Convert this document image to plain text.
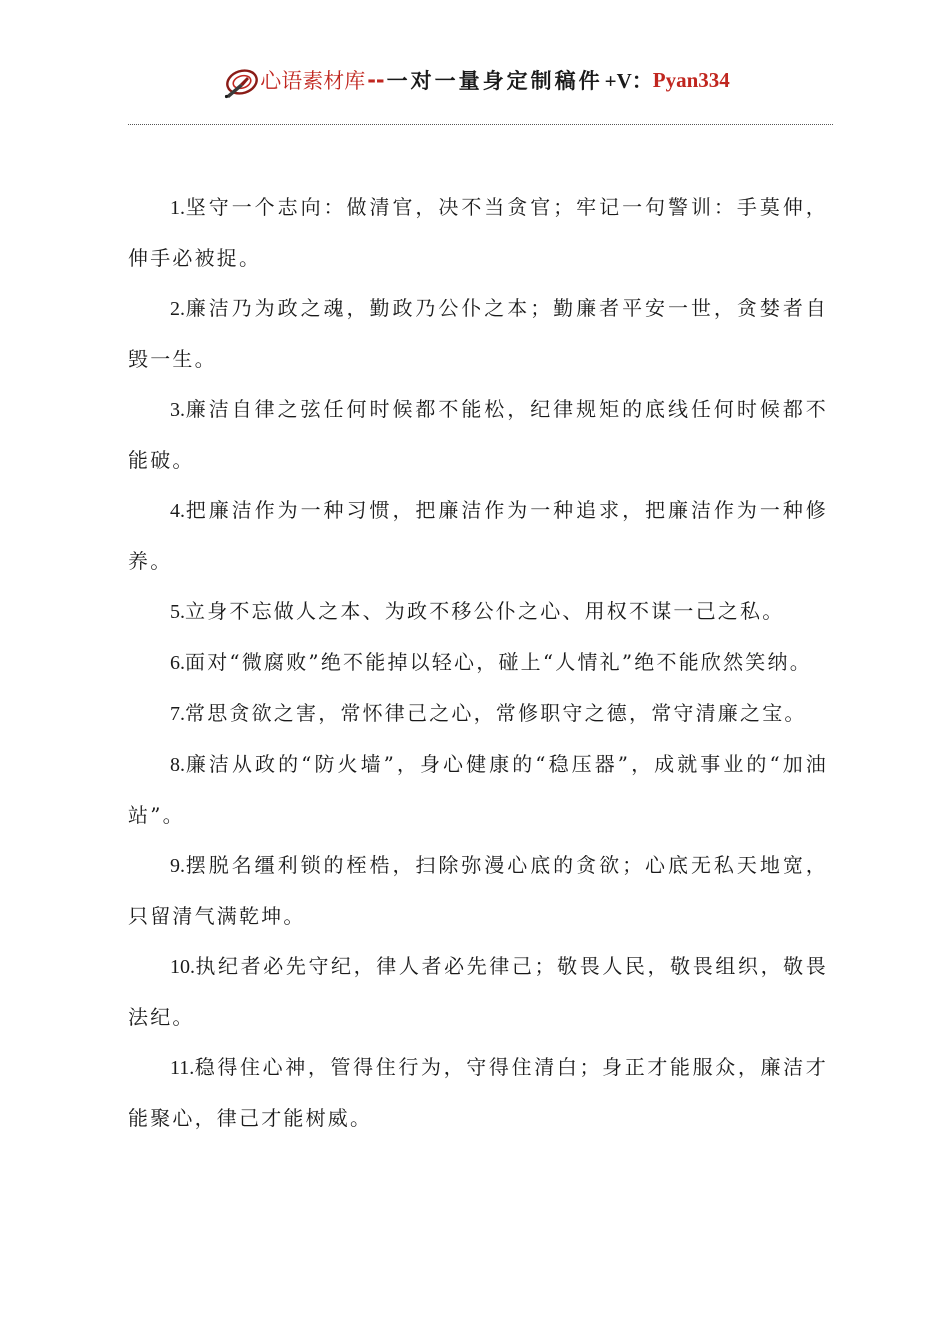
心语素材库 -- 一对一量身定制稿件 +V： Pyan334

1.坚守一个志向：做清官，决不当贪官；牢记一句警训：手莫伸，伸手必被捉。

2.廉洁乃为政之魂，勤政乃公仆之本；勤廉者平安一世，贪婪者自毁一生。

3.廉洁自律之弦任何时候都不能松，纪律规矩的底线任何时候都不能破。

4.把廉洁作为一种习惯，把廉洁作为一种追求，把廉洁作为一种修养。

5.立身不忘做人之本、为政不移公仆之心、用权不谋一己之私。

6.面对“微腐败”绝不能掉以轻心，碰上“人情礼”绝不能欣然笑纳。

7.常思贪欲之害，常怀律己之心，常修职守之德，常守清廉之宝。

8.廉洁从政的“防火墙”，身心健康的“稳压器”，成就事业的“加油站”。

9.摆脱名缰利锁的桎梏，扫除弥漫心底的贪欲；心底无私天地宽，只留清气满乾坤。

10.执纪者必先守纪，律人者必先律己；敬畏人民，敬畏组织，敬畏法纪。

11.稳得住心神，管得住行为，守得住清白；身正才能服众，廉洁才能聚心，律己才能树威。
